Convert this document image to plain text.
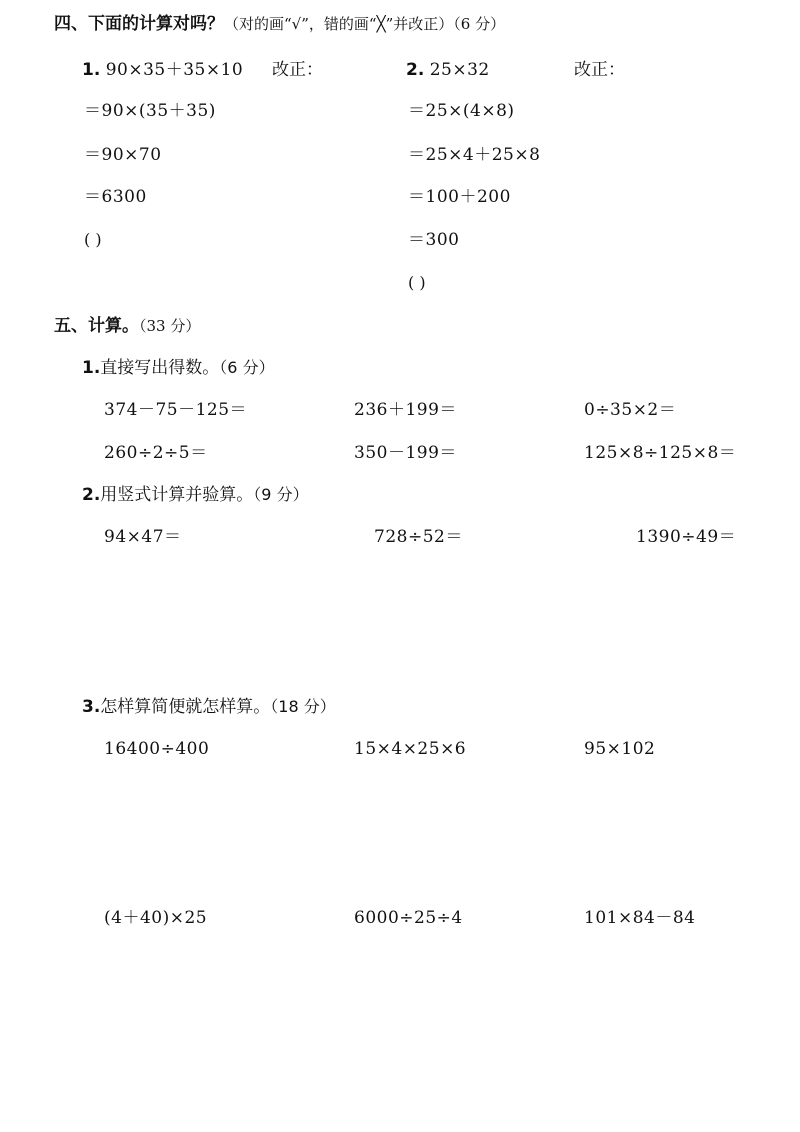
四、下面的计算对吗？（对的画“√”，错的画“╳”并改正）（6 分）
1. 90×35＋35×10 改正：
＝90×(35＋35)
＝90×70
＝6300
( )
2. 25×32	改正：
＝25×(4×8)
＝25×4＋25×8
＝100＋200
＝300
( )
五、计算。（33 分）
1.直接写出得数。（6 分）
374－75－125＝	236＋199＝	0÷35×2＝
260÷2÷5＝	350－199＝	125×8÷125×8＝
2.用竖式计算并验算。（9 分）
94×47＝	728÷52＝	1390÷49＝
3.怎样算简便就怎样算。（18 分）
16400÷400	15×4×25×6	95×102
(4＋40)×25	6000÷25÷4	101×84－84
